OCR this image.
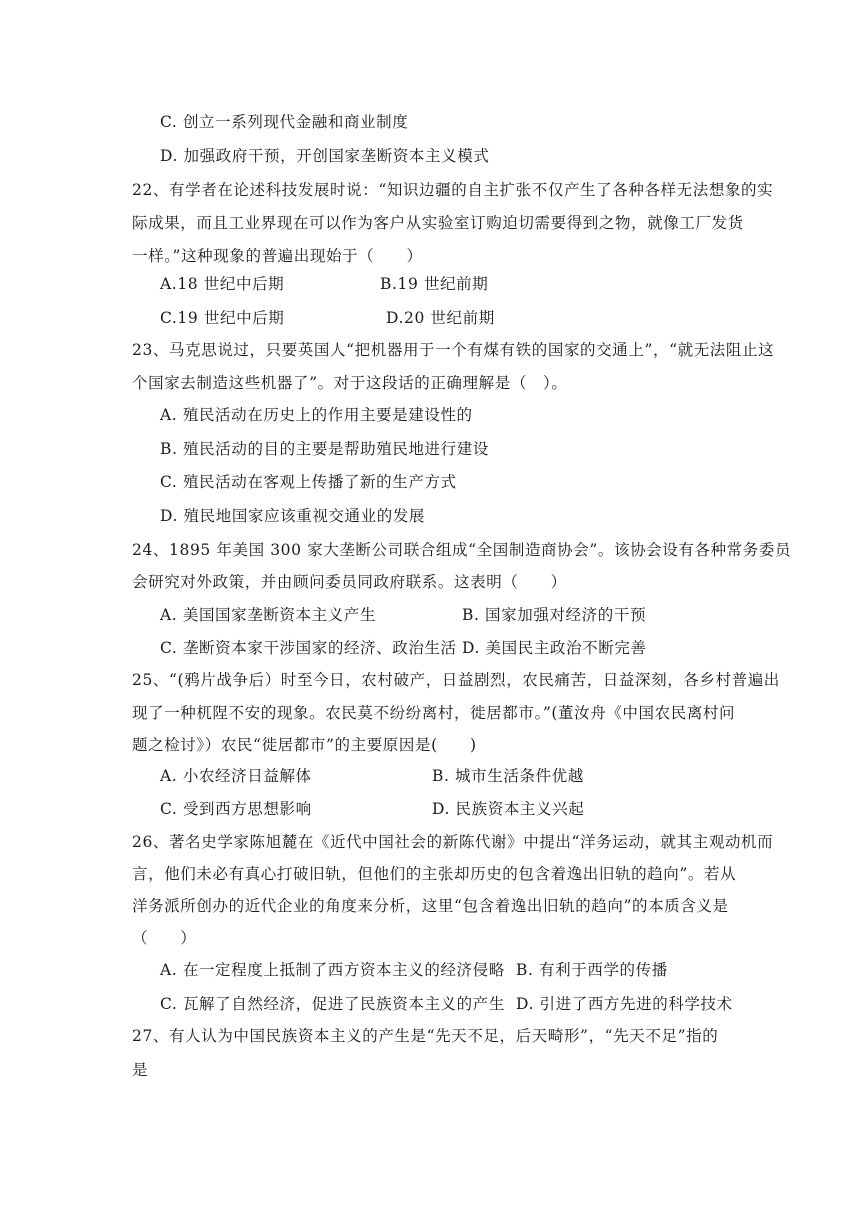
C. 创立一系列现代金融和商业制度
D. 加强政府干预，开创国家垄断资本主义模式
22、有学者在论述科技发展时说：“知识边疆的自主扩张不仅产生了各种各样无法想象的实
际成果，而且工业界现在可以作为客户从实验室订购迫切需要得到之物，就像工厂发货
一样。”这种现象的普遍出现始于（　　）
A.18 世纪中后期	B.19 世纪前期
C.19 世纪中后期	D.20 世纪前期
23、马克思说过，只要英国人“把机器用于一个有煤有铁的国家的交通上”，“就无法阻止这
个国家去制造这些机器了”。对于这段话的正确理解是（　）。
A. 殖民活动在历史上的作用主要是建设性的
B. 殖民活动的目的主要是帮助殖民地进行建设
C. 殖民活动在客观上传播了新的生产方式
D. 殖民地国家应该重视交通业的发展
24、1895 年美国 300 家大垄断公司联合组成“全国制造商协会”。该协会设有各种常务委员
会研究对外政策，并由顾问委员同政府联系。这表明（　　）
A. 美国国家垄断资本主义产生	B. 国家加强对经济的干预
C. 垄断资本家干涉国家的经济、政治生活 D. 美国民主政治不断完善
25、“(鸦片战争后）时至今日，农村破产，日益剧烈，农民痛苦，日益深刻，各乡村普遍出
现了一种杌陧不安的现象。农民莫不纷纷离村，徙居都市。”(董汝舟《中国农民离村问
题之检讨》）农民“徙居都市”的主要原因是(　　)
A. 小农经济日益解体	B. 城市生活条件优越
C. 受到西方思想影响	D. 民族资本主义兴起
26、著名史学家陈旭麓在《近代中国社会的新陈代谢》中提出“洋务运动，就其主观动机而
言，他们未必有真心打破旧轨，但他们的主张却历史的包含着逸出旧轨的趋向”。若从
洋务派所创办的近代企业的角度来分析，这里“包含着逸出旧轨的趋向”的本质含义是
（　　）
A. 在一定程度上抵制了西方资本主义的经济侵略 B. 有利于西学的传播
C. 瓦解了自然经济，促进了民族资本主义的产生 D. 引进了西方先进的科学技术
27、有人认为中国民族资本主义的产生是“先天不足，后天畸形”，“先天不足”指的
是
